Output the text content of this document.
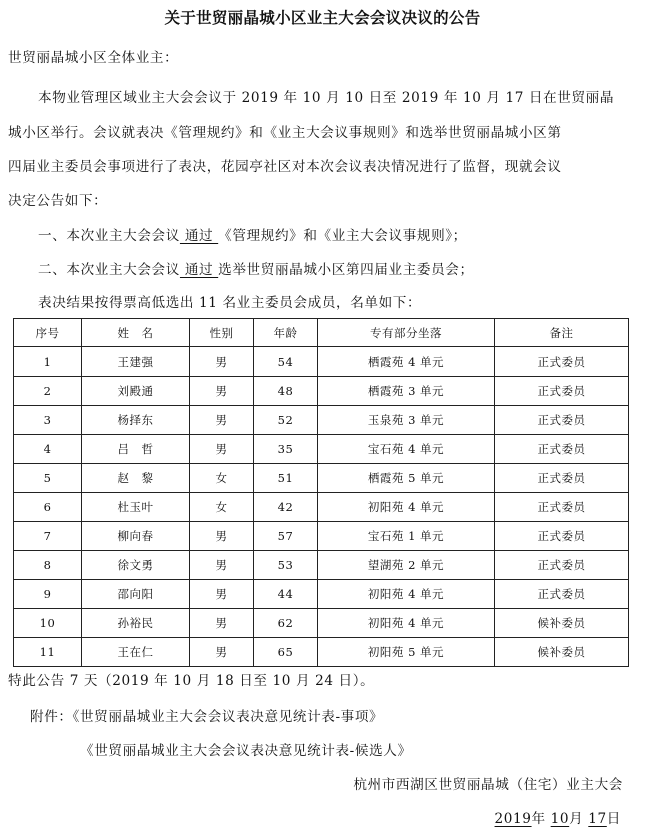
关于世贸丽晶城小区业主大会会议决议的公告
世贸丽晶城小区全体业主：
本物业管理区域业主大会会议于 2019 年 10 月 10 日至 2019 年 10 月 17 日在世贸丽晶
城小区举行。会议就表决《管理规约》和《业主大会议事规则》和选举世贸丽晶城小区第
四届业主委员会事项进行了表决，花园亭社区对本次会议表决情况进行了监督，现就会议
决定公告如下：
一、本次业主大会会议 通过 《管理规约》和《业主大会议事规则》；
二、本次业主大会会议 通过 选举世贸丽晶城小区第四届业主委员会；
表决结果按得票高低选出 11 名业主委员会成员，名单如下：
序号	姓　名	性别	年龄	专有部分坐落	备注
1	王建强	男	54	栖霞苑 4 单元	正式委员
2	刘殿通	男	48	栖霞苑 3 单元	正式委员
3	杨择东	男	52	玉泉苑 3 单元	正式委员
4	吕　哲	男	35	宝石苑 4 单元	正式委员
5	赵　黎	女	51	栖霞苑 5 单元	正式委员
6	杜玉叶	女	42	初阳苑 4 单元	正式委员
7	柳向春	男	57	宝石苑 1 单元	正式委员
8	徐文勇	男	53	望湖苑 2 单元	正式委员
9	邵向阳	男	44	初阳苑 4 单元	正式委员
10	孙裕民	男	62	初阳苑 4 单元	候补委员
11	王在仁	男	65	初阳苑 5 单元	候补委员
特此公告 7 天（2019 年 10 月 18 日至 10 月 24 日）。
附件：《世贸丽晶城业主大会会议表决意见统计表-事项》
《世贸丽晶城业主大会会议表决意见统计表-候选人》
杭州市西湖区世贸丽晶城（住宅）业主大会
2019年 10月 17日
